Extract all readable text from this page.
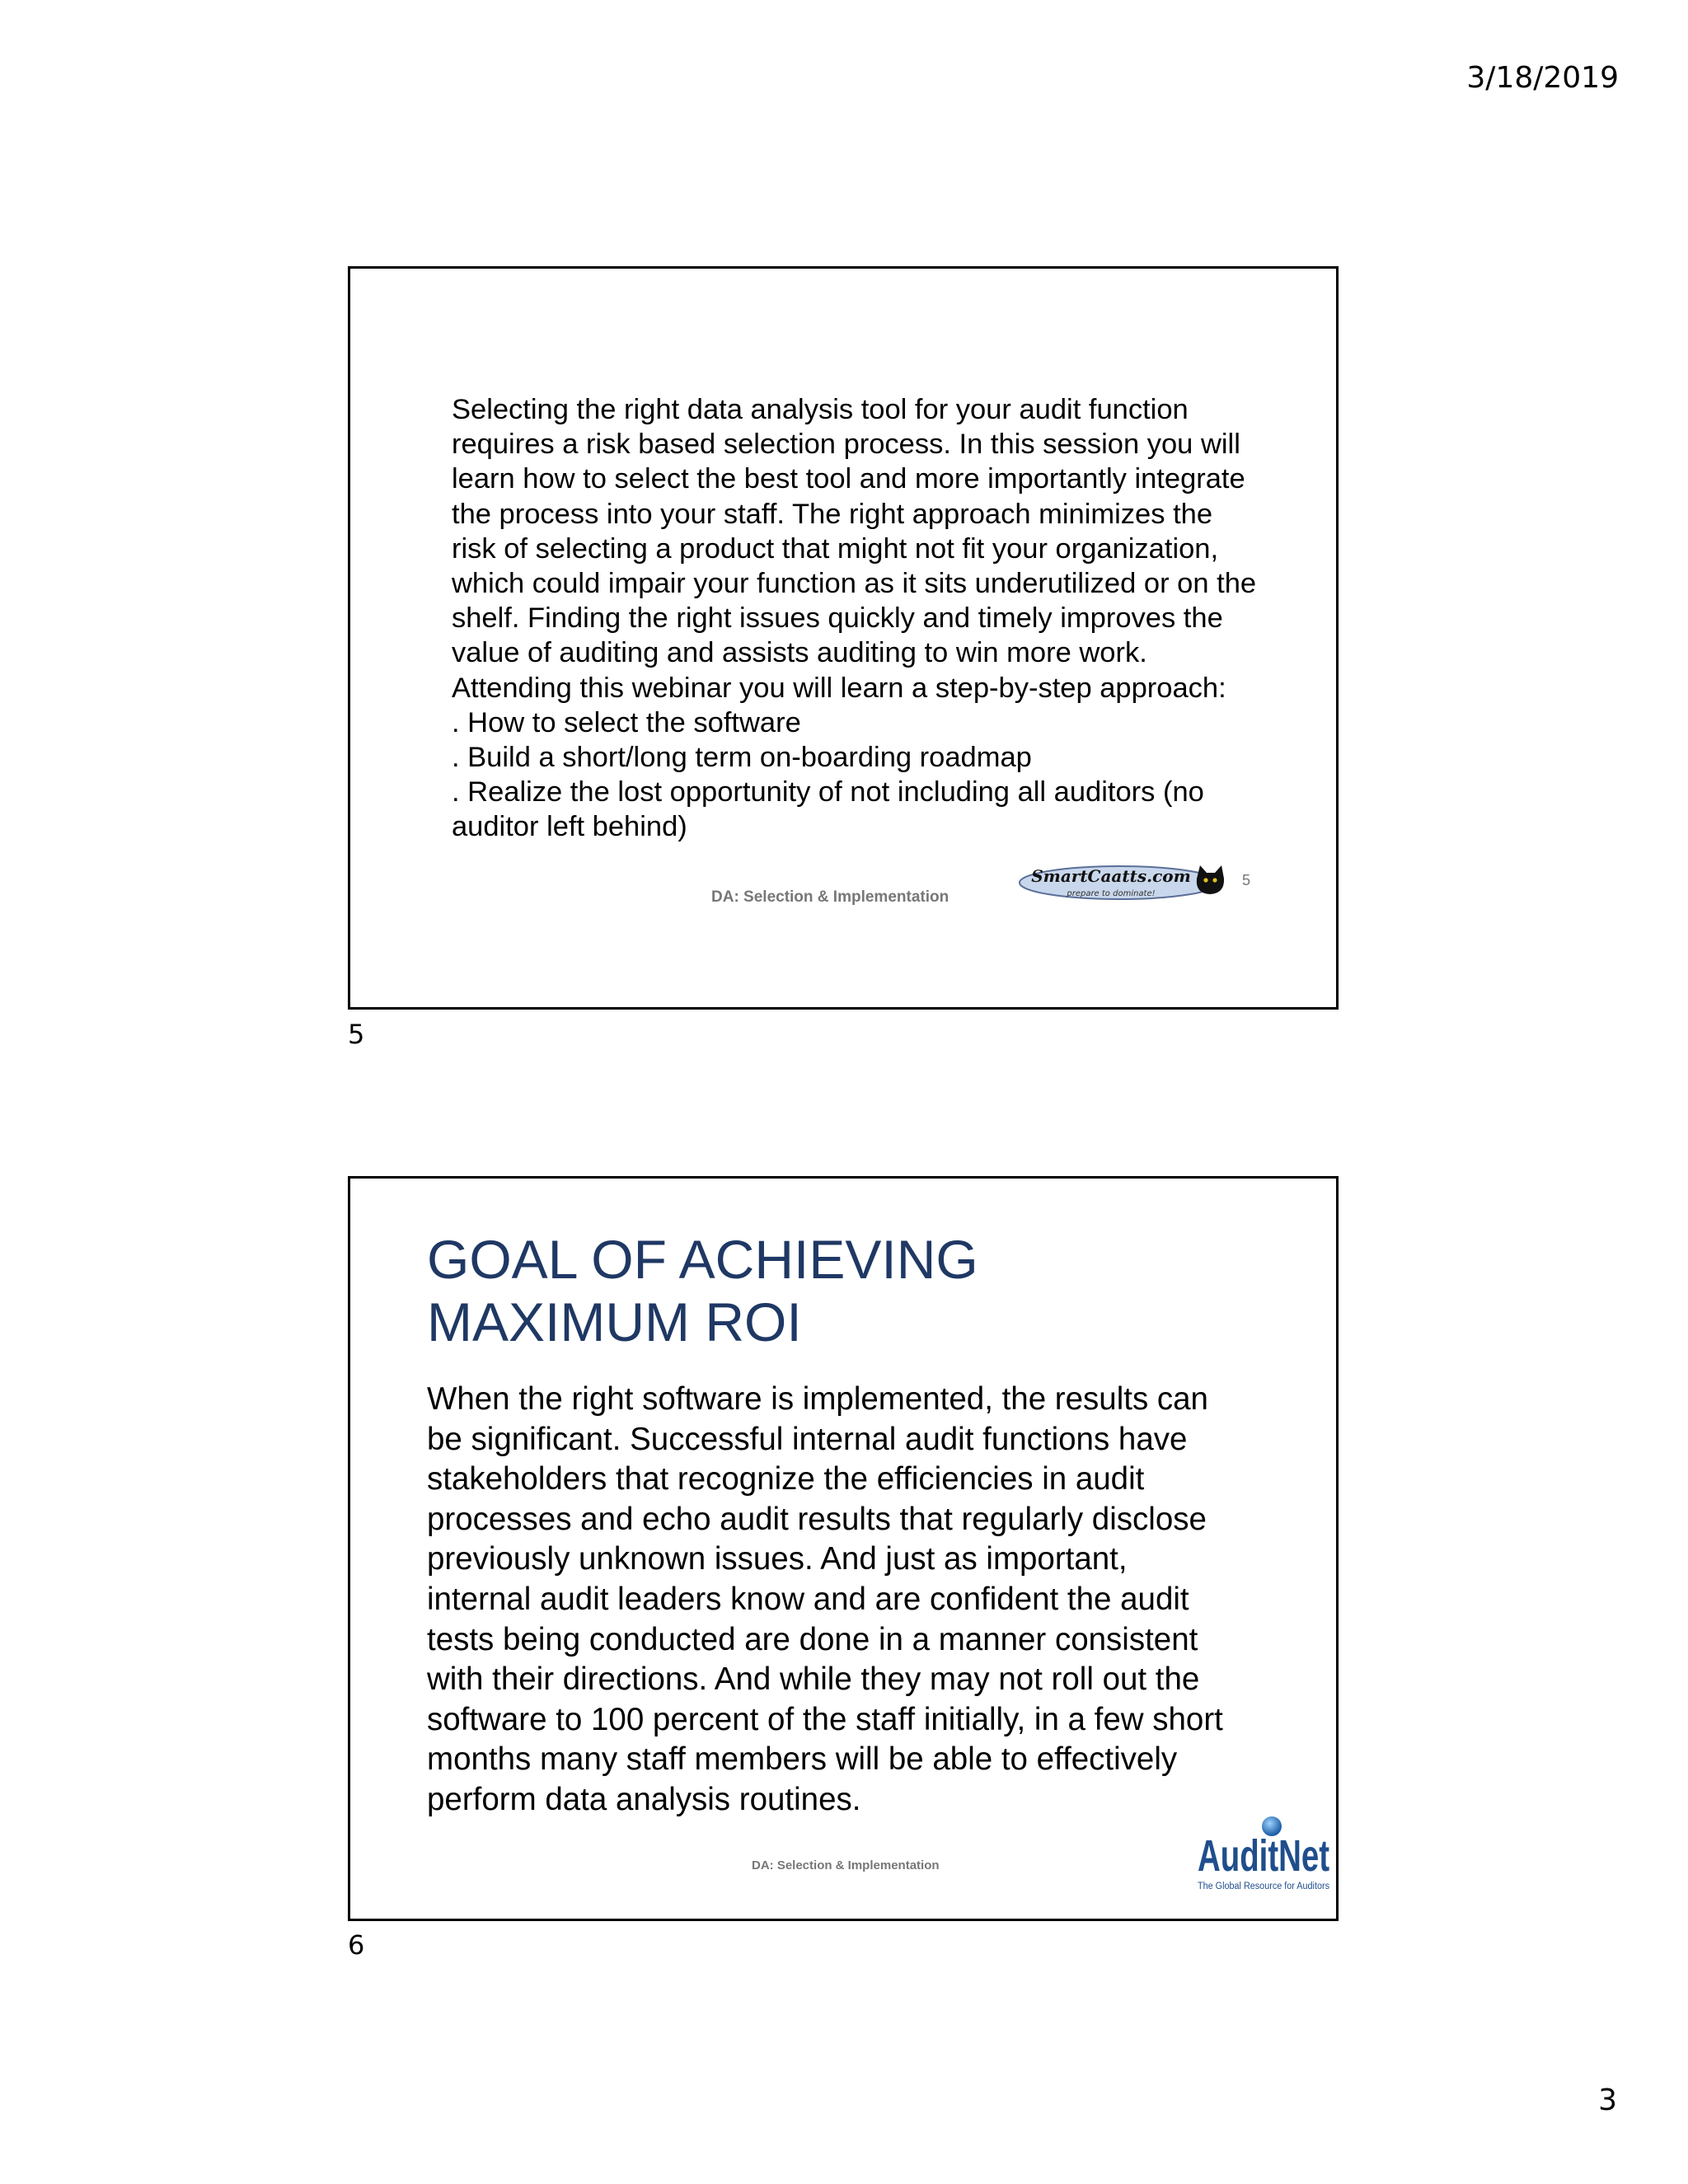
3/18/2019
Selecting the right data analysis tool for your audit function
requires a risk based selection process. In this session you will
learn how to select the best tool and more importantly integrate
the process into your staff. The right approach minimizes the
risk of selecting a product that might not fit your organization,
which could impair your function as it sits underutilized or on the
shelf. Finding the right issues quickly and timely improves the
value of auditing and assists auditing to win more work.
Attending this webinar you will learn a step-by-step approach:
. How to select the software
. Build a short/long term on-boarding roadmap
. Realize the lost opportunity of not including all auditors (no
auditor left behind)
DA: Selection & Implementation
SmartCaatts.com
prepare to dominate!
5
5
GOAL OF ACHIEVING
MAXIMUM ROI
When the right software is implemented, the results can
be significant. Successful internal audit functions have
stakeholders that recognize the efficiencies in audit
processes and echo audit results that regularly disclose
previously unknown issues. And just as important,
internal audit leaders know and are confident the audit
tests being conducted are done in a manner consistent
with their directions. And while they may not roll out the
software to 100 percent of the staff initially, in a few short
months many staff members will be able to effectively
perform data analysis routines.
DA: Selection & Implementation	AuditNet
The Global Resource for Auditors
6
3
